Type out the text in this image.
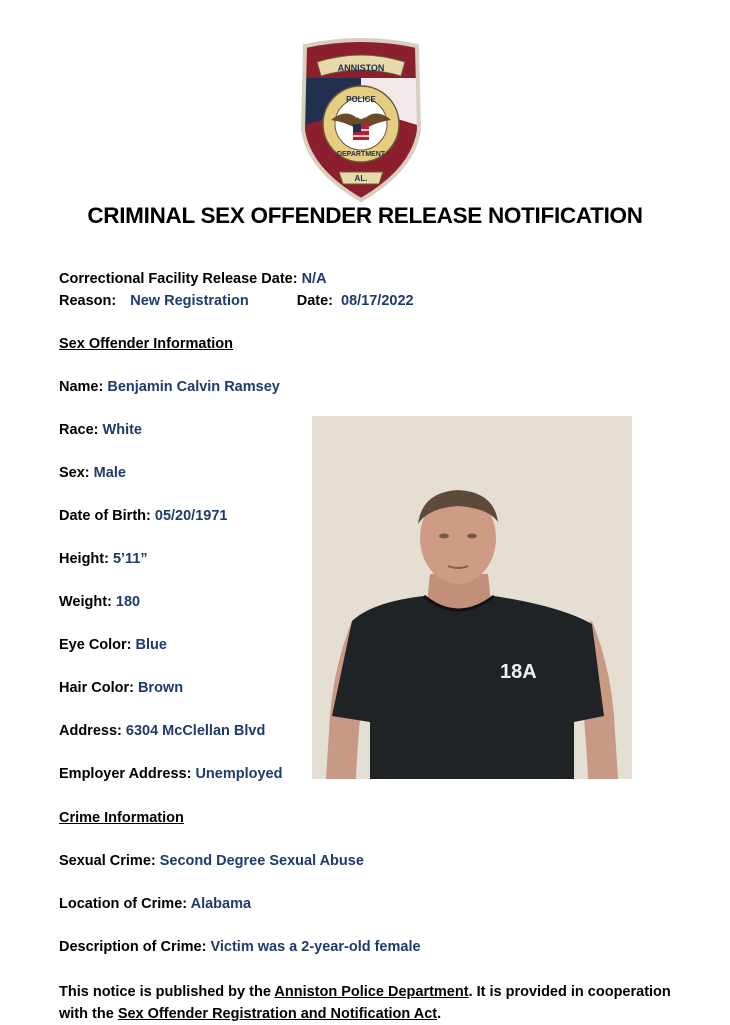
ANNISTON
POLICE
DEPARTMENT
AL.
CRIMINAL SEX OFFENDER RELEASE NOTIFICATION
Correctional Facility Release Date: N/A
Reason: New Registration	Date: 08/17/2022
Sex Offender Information
Name: Benjamin Calvin Ramsey
Race: White
Sex: Male
Date of Birth: 05/20/1971
Height: 5’11”
Weight: 180
Eye Color: Blue
Hair Color: Brown
Address: 6304 McClellan Blvd
Employer Address: Unemployed
18A
Crime Information
Sexual Crime: Second Degree Sexual Abuse
Location of Crime: Alabama
Description of Crime: Victim was a 2-year-old female
This notice is published by the Anniston Police Department. It is provided in cooperation with the Sex Offender Registration and Notification Act.
